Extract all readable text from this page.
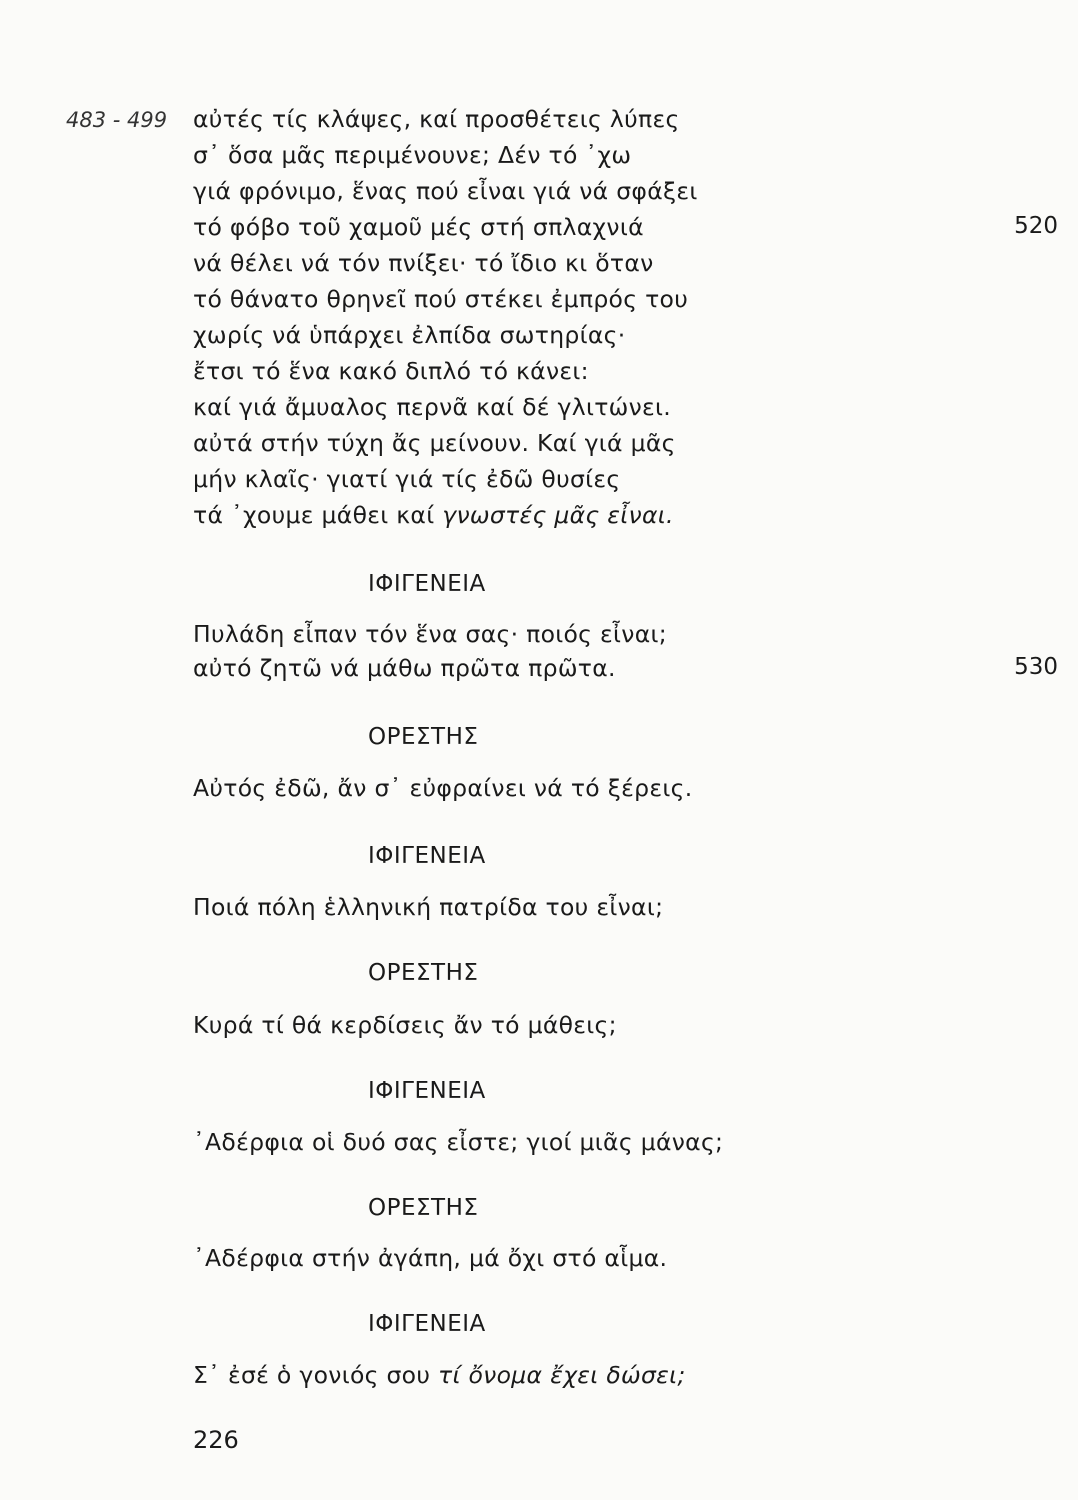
483 - 499 αὐτές τίς κλάψες, καί προσθέτεις λύπες
σ᾿ ὅσα μᾶς περιμένουνε; Δέν τό ᾿χω
γιά φρόνιμο, ἕνας πού εἶναι γιά νά σφάξει
τό φόβο τοῦ χαμοῦ μές στή σπλαχνιά	520
νά θέλει νά τόν πνίξει· τό ἴδιο κι ὅταν
τό θάνατο θρηνεῖ πού στέκει ἐμπρός του
χωρίς νά ὑπάρχει ἐλπίδα σωτηρίας·
ἔτσι τό ἕνα κακό διπλό τό κάνει:
καί γιά ἄμυαλος περνᾶ καί δέ γλιτώνει.
αὐτά στήν τύχη ἄς μείνουν. Καί γιά μᾶς
μήν κλαῖς· γιατί γιά τίς ἐδῶ θυσίες
τά ᾿χουμε μάθει καί γνωστές μᾶς εἶναι.
ΙΦΙΓΕΝΕΙΑ
Πυλάδη εἶπαν τόν ἕνα σας· ποιός εἶναι;
αὐτό ζητῶ νά μάθω πρῶτα πρῶτα.	530
ΟΡΕΣΤΗΣ
Αὐτός ἐδῶ, ἄν σ᾿ εὐφραίνει νά τό ξέρεις.
ΙΦΙΓΕΝΕΙΑ
Ποιά πόλη ἑλληνική πατρίδα του εἶναι;
ΟΡΕΣΤΗΣ
Κυρά τί θά κερδίσεις ἄν τό μάθεις;
ΙΦΙΓΕΝΕΙΑ
᾿Αδέρφια οἱ δυό σας εἶστε; γιοί μιᾶς μάνας;
ΟΡΕΣΤΗΣ
᾿Αδέρφια στήν ἀγάπη, μά ὄχι στό αἷμα.
ΙΦΙΓΕΝΕΙΑ
Σ᾿ ἐσέ ὁ γονιός σου τί ὄνομα ἔχει δώσει;
226
